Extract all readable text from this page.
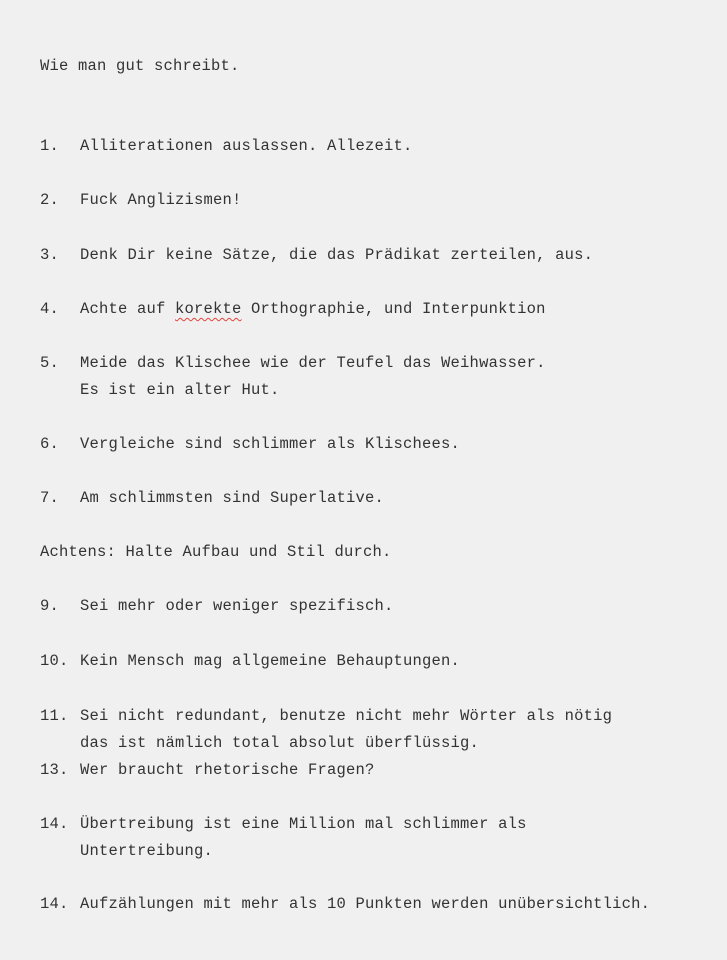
Wie man gut schreibt.
1. Alliterationen auslassen. Allezeit.
2. Fuck Anglizismen!
3. Denk Dir keine Sätze, die das Prädikat zerteilen, aus.
4. Achte auf korekte Orthographie, und Interpunktion
5. Meide das Klischee wie der Teufel das Weihwasser.
Es ist ein alter Hut.
6. Vergleiche sind schlimmer als Klischees.
7. Am schlimmsten sind Superlative.
Achtens: Halte Aufbau und Stil durch.
9. Sei mehr oder weniger spezifisch.
10. Kein Mensch mag allgemeine Behauptungen.
11. Sei nicht redundant, benutze nicht mehr Wörter als nötig
das ist nämlich total absolut überflüssig.
13. Wer braucht rhetorische Fragen?
14. Übertreibung ist eine Million mal schlimmer als
Untertreibung.
14. Aufzählungen mit mehr als 10 Punkten werden unübersichtlich.
